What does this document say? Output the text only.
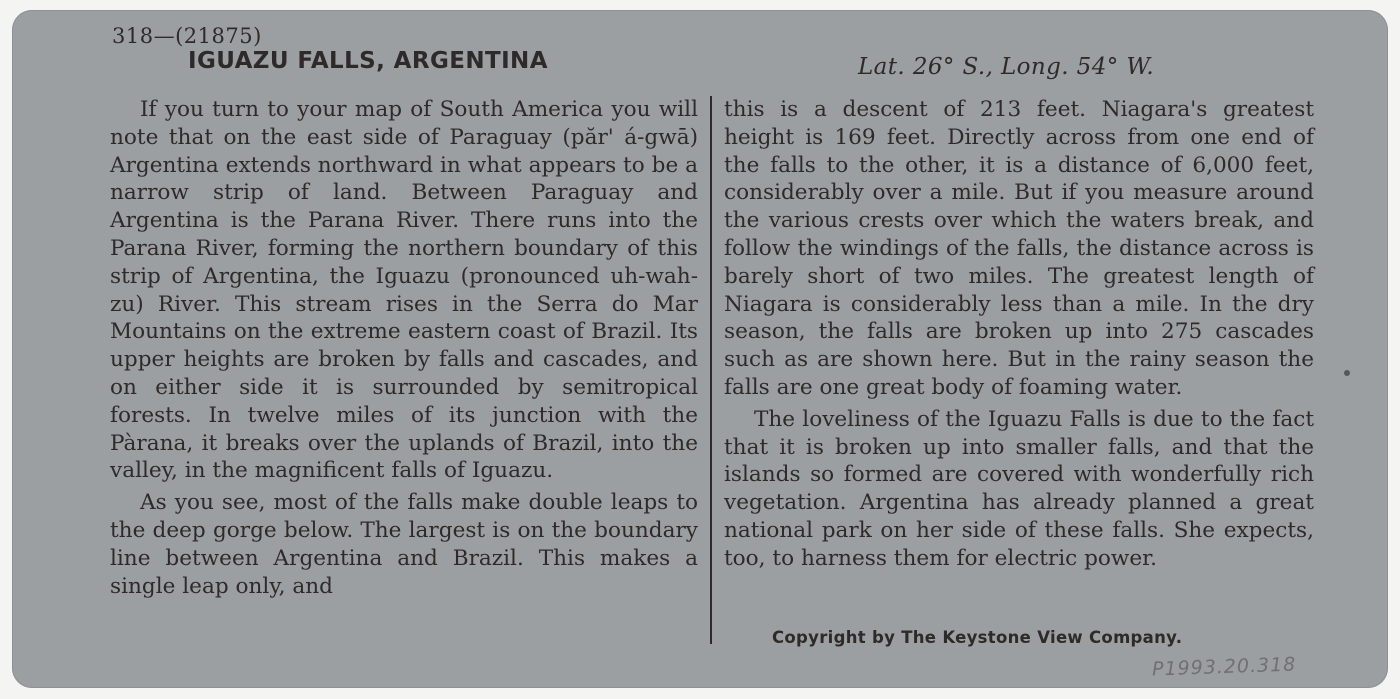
318—(21875)
IGUAZU FALLS, ARGENTINA	Lat. 26° S., Long. 54° W.

If you turn to your map of South America you will note that on the east side of Paraguay (păr' á-gwā) Argentina extends northward in what appears to be a narrow strip of land. Between Paraguay and Argentina is the Parana River. There runs into the Parana River, forming the northern boundary of this strip of Argentina, the Iguazu (pronounced uh-wah-zu) River. This stream rises in the Serra do Mar Mountains on the extreme eastern coast of Brazil. Its upper heights are broken by falls and cascades, and on either side it is surrounded by semitropical forests. In twelve miles of its junction with the Pàrana, it breaks over the uplands of Brazil, into the valley, in the magnificent falls of Iguazu.

As you see, most of the falls make double leaps to the deep gorge below. The largest is on the boundary line between Argentina and Brazil. This makes a single leap only, and

this is a descent of 213 feet. Niagara's greatest height is 169 feet. Directly across from one end of the falls to the other, it is a distance of 6,000 feet, considerably over a mile. But if you measure around the various crests over which the waters break, and follow the windings of the falls, the distance across is barely short of two miles. The greatest length of Niagara is considerably less than a mile. In the dry season, the falls are broken up into 275 cascades such as are shown here. But in the rainy season the falls are one great body of foaming water.

The loveliness of the Iguazu Falls is due to the fact that it is broken up into smaller falls, and that the islands so formed are covered with wonderfully rich vegetation. Argentina has already planned a great national park on her side of these falls. She expects, too, to harness them for electric power.

Copyright by The Keystone View Company.
P1993.20.318
